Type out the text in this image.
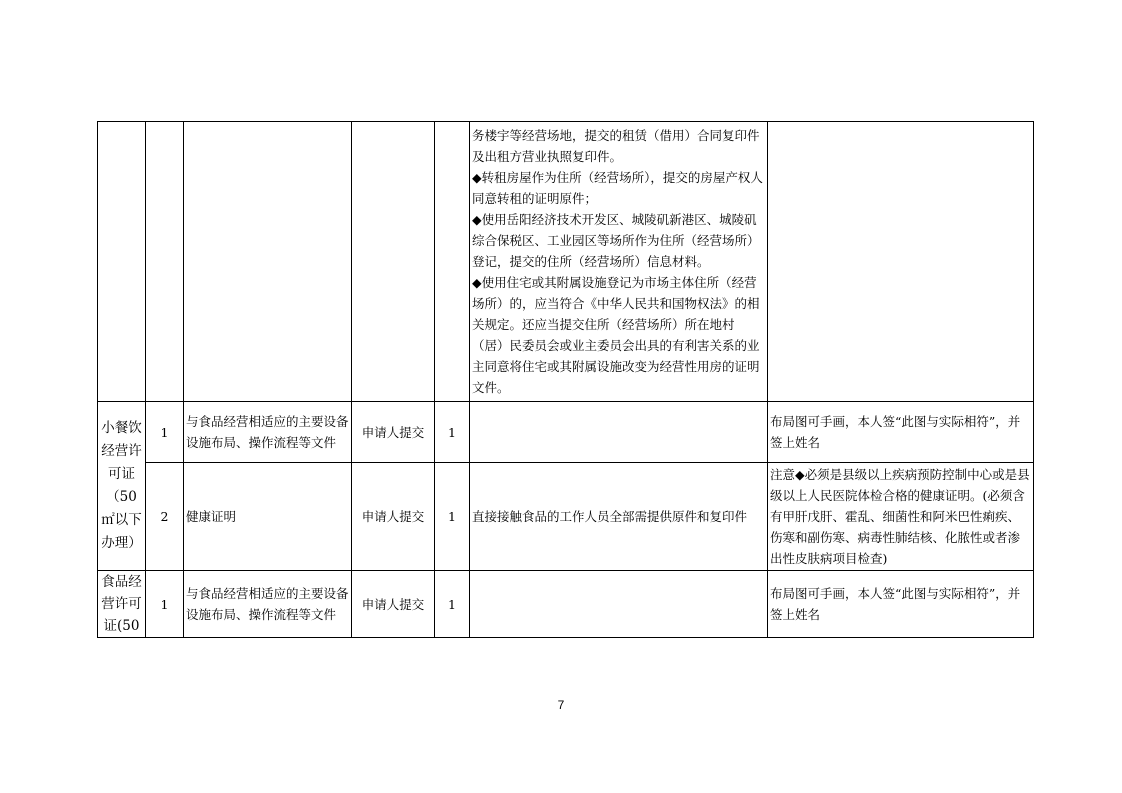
					务楼宇等经营场地，提交的租赁（借用）合同复印件及出租方营业执照复印件。
◆转租房屋作为住所（经营场所），提交的房屋产权人同意转租的证明原件；
◆使用岳阳经济技术开发区、城陵矶新港区、城陵矶综合保税区、工业园区等场所作为住所（经营场所）登记，提交的住所（经营场所）信息材料。
◆使用住宅或其附属设施登记为市场主体住所（经营场所）的，应当符合《中华人民共和国物权法》的相关规定。还应当提交住所（经营场所）所在地村（居）民委员会或业主委员会出具的有利害关系的业主同意将住宅或其附属设施改变为经营性用房的证明文件。	
小餐饮经营许可证（50㎡以下办理）	1	与食品经营相适应的主要设备设施布局、操作流程等文件	申请人提交	1		布局图可手画，本人签“此图与实际相符”，并签上姓名
	2	健康证明	申请人提交	1	直接接触食品的工作人员全部需提供原件和复印件	注意◆必须是县级以上疾病预防控制中心或是县级以上人民医院体检合格的健康证明。(必须含有甲肝戊肝、霍乱、细菌性和阿米巴性痢疾、伤寒和副伤寒、病毒性肺结核、化脓性或者渗出性皮肤病项目检查)
食品经营许可证(50	1	与食品经营相适应的主要设备设施布局、操作流程等文件	申请人提交	1		布局图可手画，本人签“此图与实际相符”，并签上姓名
7
